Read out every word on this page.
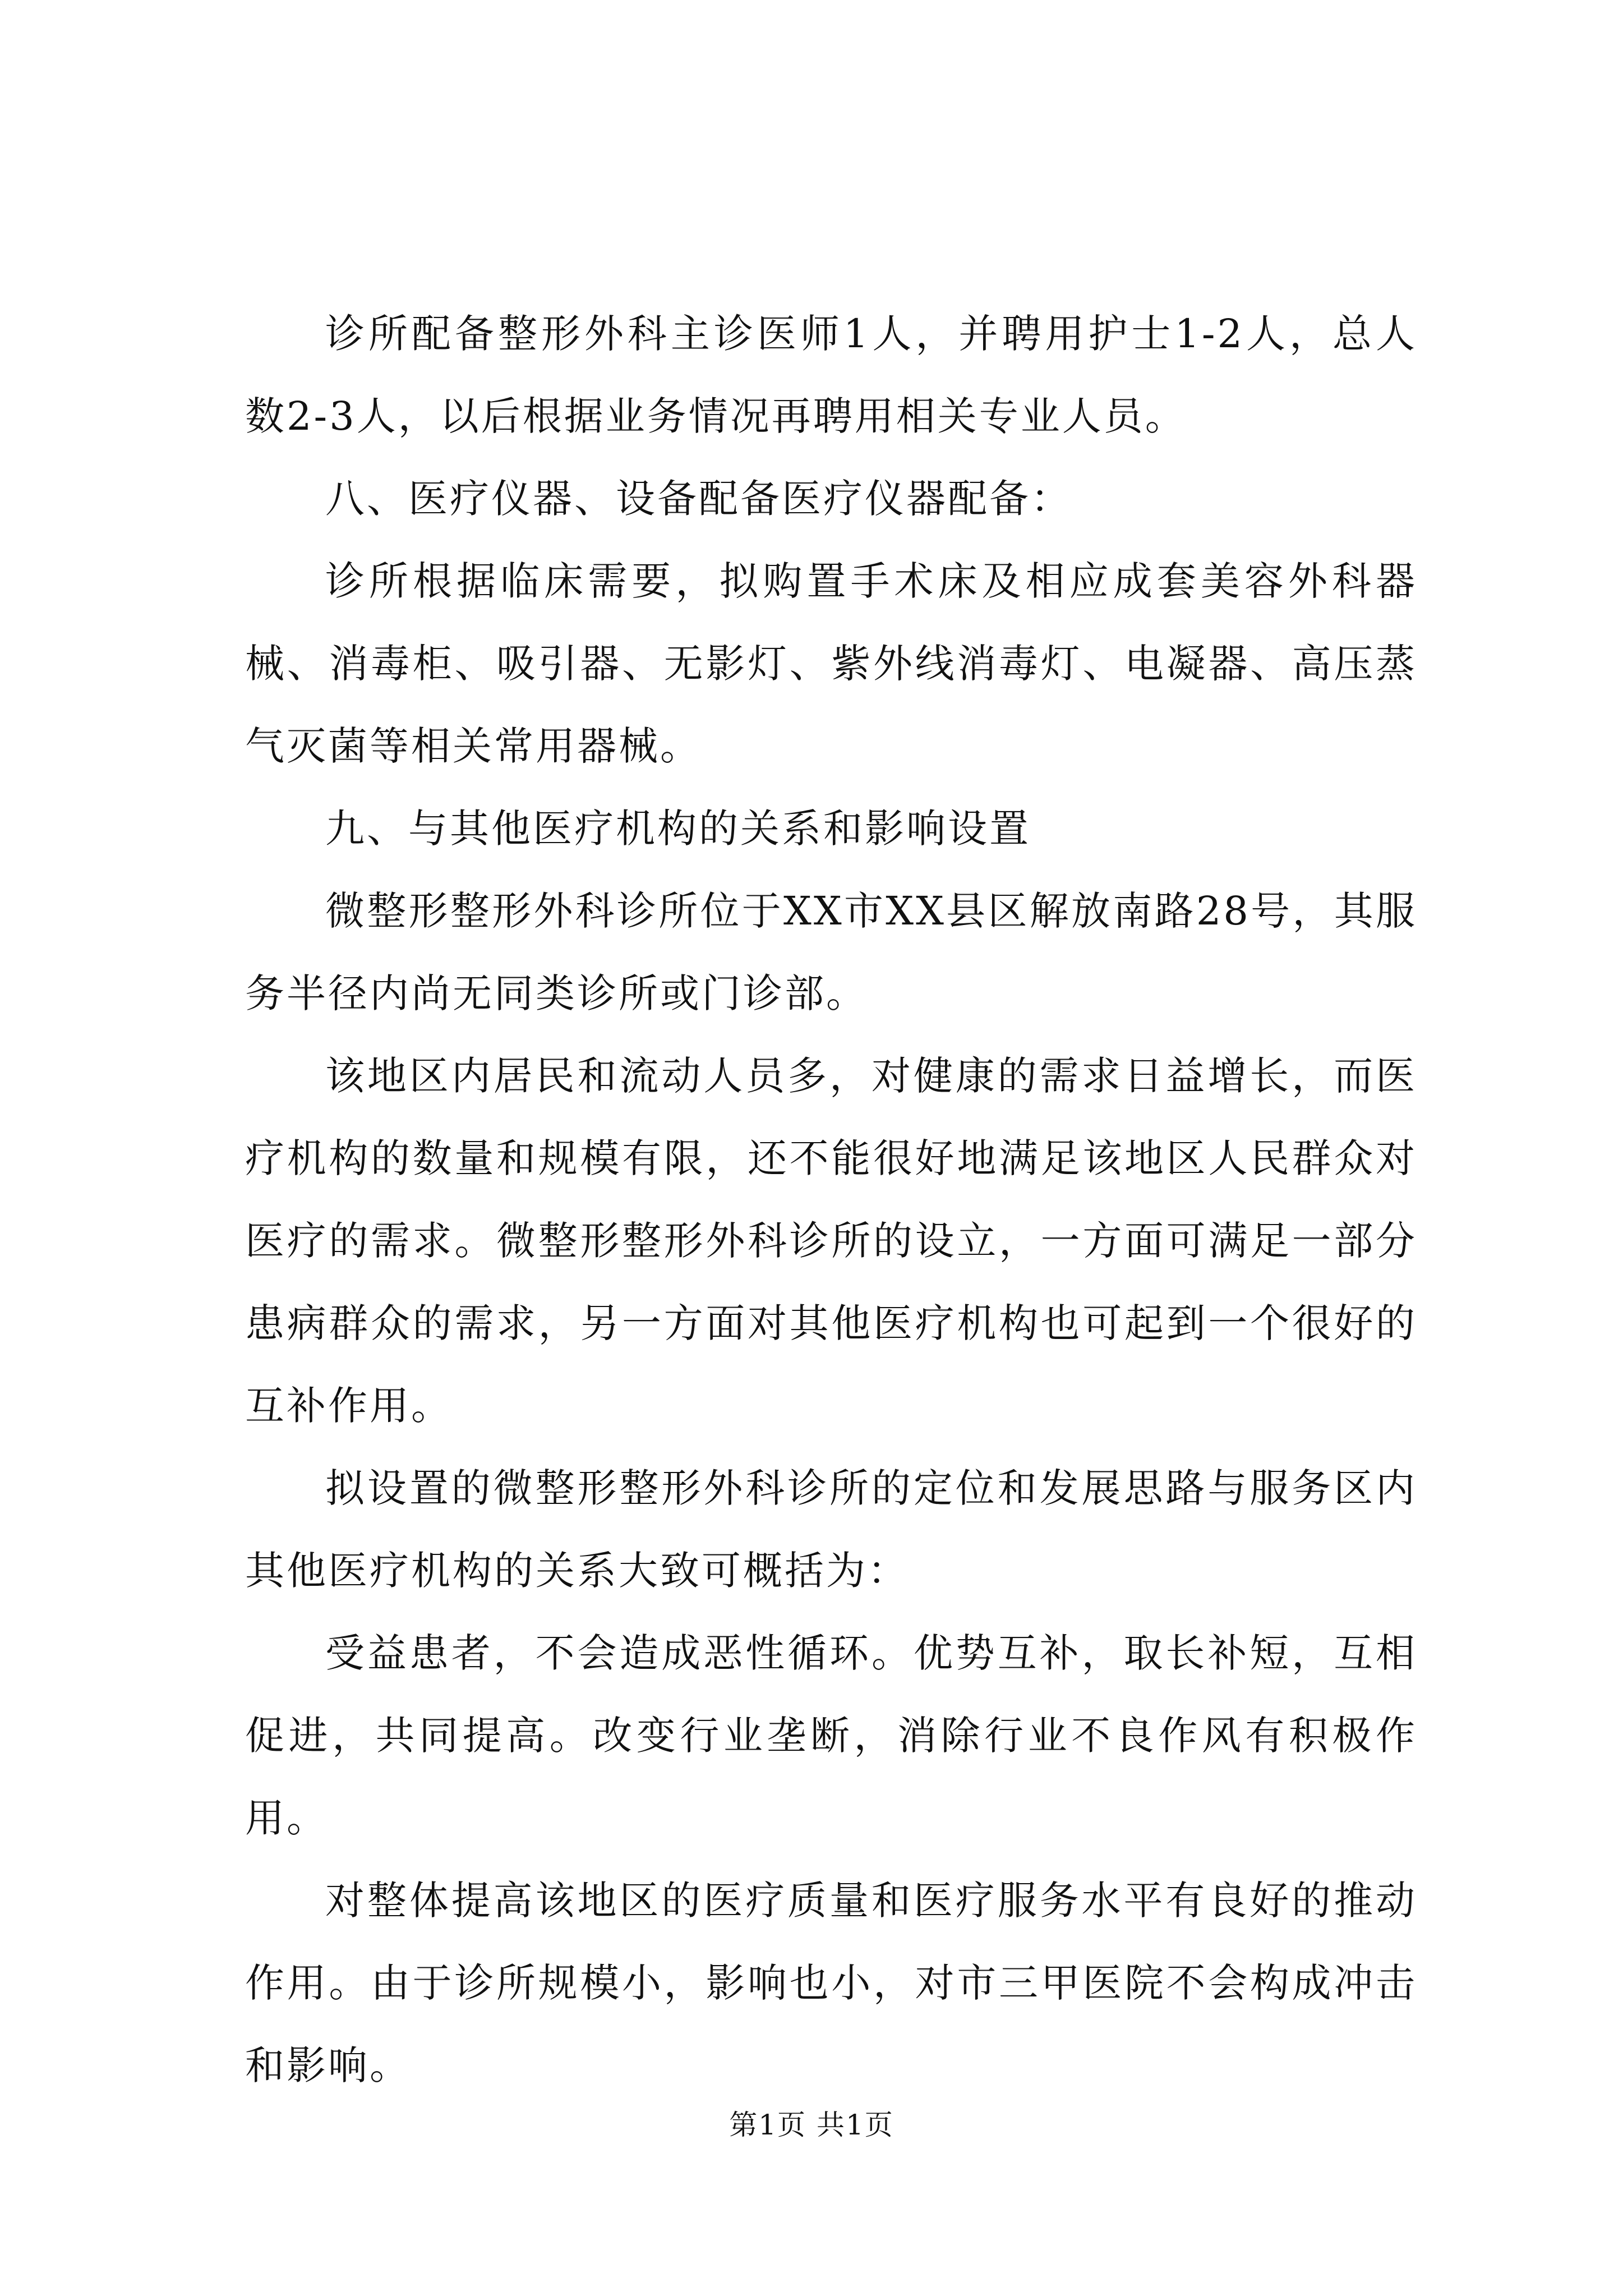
诊所配备整形外科主诊医师1人，并聘用护士1-2人，总人数2-3人，以后根据业务情况再聘用相关专业人员。

八、医疗仪器、设备配备医疗仪器配备：

诊所根据临床需要，拟购置手术床及相应成套美容外科器械、消毒柜、吸引器、无影灯、紫外线消毒灯、电凝器、高压蒸气灭菌等相关常用器械。

九、与其他医疗机构的关系和影响设置

微整形整形外科诊所位于XX市XX县区解放南路28号，其服务半径内尚无同类诊所或门诊部。

该地区内居民和流动人员多，对健康的需求日益增长，而医疗机构的数量和规模有限，还不能很好地满足该地区人民群众对医疗的需求。微整形整形外科诊所的设立，一方面可满足一部分患病群众的需求，另一方面对其他医疗机构也可起到一个很好的互补作用。

拟设置的微整形整形外科诊所的定位和发展思路与服务区内其他医疗机构的关系大致可概括为：

受益患者，不会造成恶性循环。优势互补，取长补短，互相促进，共同提高。改变行业垄断，消除行业不良作风有积极作用。

对整体提高该地区的医疗质量和医疗服务水平有良好的推动作用。由于诊所规模小，影响也小，对市三甲医院不会构成冲击和影响。

第1页 共1页
